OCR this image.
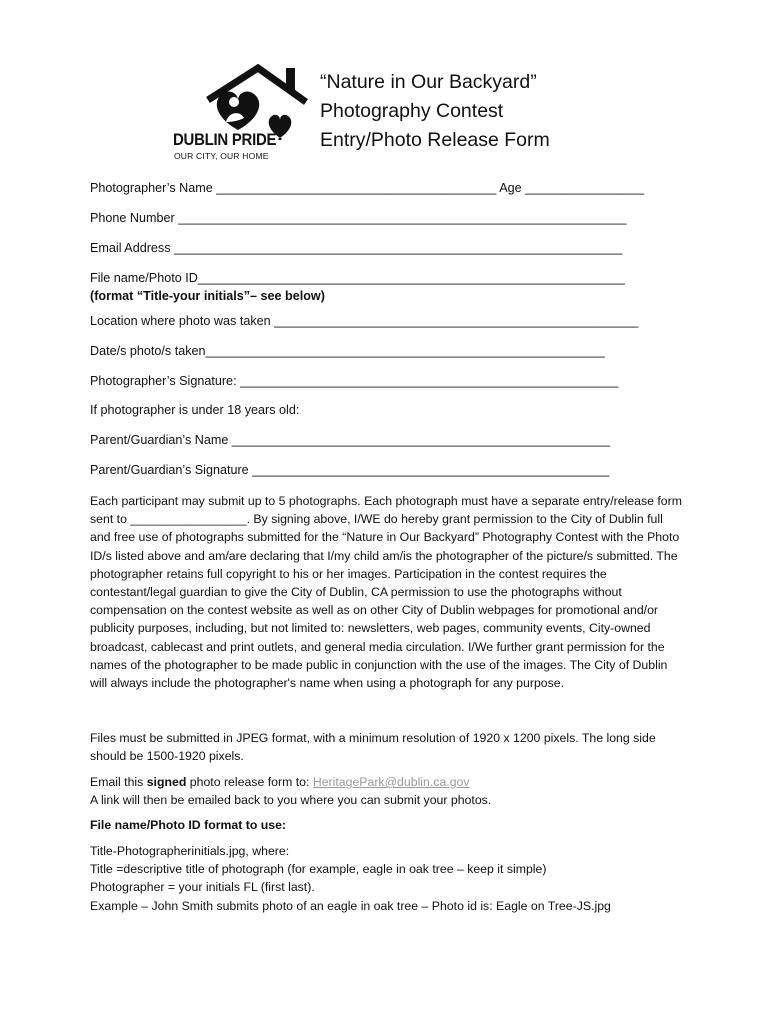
DUBLIN PRIDE
OUR CITY, OUR HOME
“Nature in Our Backyard”
Photography Contest
Entry/Photo Release Form
Photographer’s Name ________________________________________ Age _________________
Phone Number ________________________________________________________________
Email Address ________________________________________________________________
File name/Photo ID_____________________________________________________________
(format “Title-your initials”– see below)
Location where photo was taken ____________________________________________________
Date/s photo/s taken_________________________________________________________
Photographer’s Signature: ______________________________________________________
If photographer is under 18 years old:
Parent/Guardian’s Name ______________________________________________________
Parent/Guardian’s Signature ___________________________________________________

Each participant may submit up to 5 photographs. Each photograph must have a separate entry/release form sent to _________________. By signing above, I/WE do hereby grant permission to the City of Dublin full and free use of photographs submitted for the “Nature in Our Backyard” Photography Contest with the Photo ID/s listed above and am/are declaring that I/my child am/is the photographer of the picture/s submitted. The photographer retains full copyright to his or her images. Participation in the contest requires the contestant/legal guardian to give the City of Dublin, CA permission to use the photographs without compensation on the contest website as well as on other City of Dublin webpages for promotional and/or publicity purposes, including, but not limited to: newsletters, web pages, community events, City-owned broadcast, cablecast and print outlets, and general media circulation. I/We further grant permission for the names of the photographer to be made public in conjunction with the use of the images. The City of Dublin will always include the photographer's name when using a photograph for any purpose.

Files must be submitted in JPEG format, with a minimum resolution of 1920 x 1200 pixels. The long side should be 1500-1920 pixels.

Email this signed photo release form to: HeritagePark@dublin.ca.gov

A link will then be emailed back to you where you can submit your photos.

File name/Photo ID format to use:

Title-Photographerinitials.jpg, where:

Title =descriptive title of photograph (for example, eagle in oak tree – keep it simple)

Photographer = your initials FL (first last).

Example – John Smith submits photo of an eagle in oak tree – Photo id is: Eagle on Tree-JS.jpg
